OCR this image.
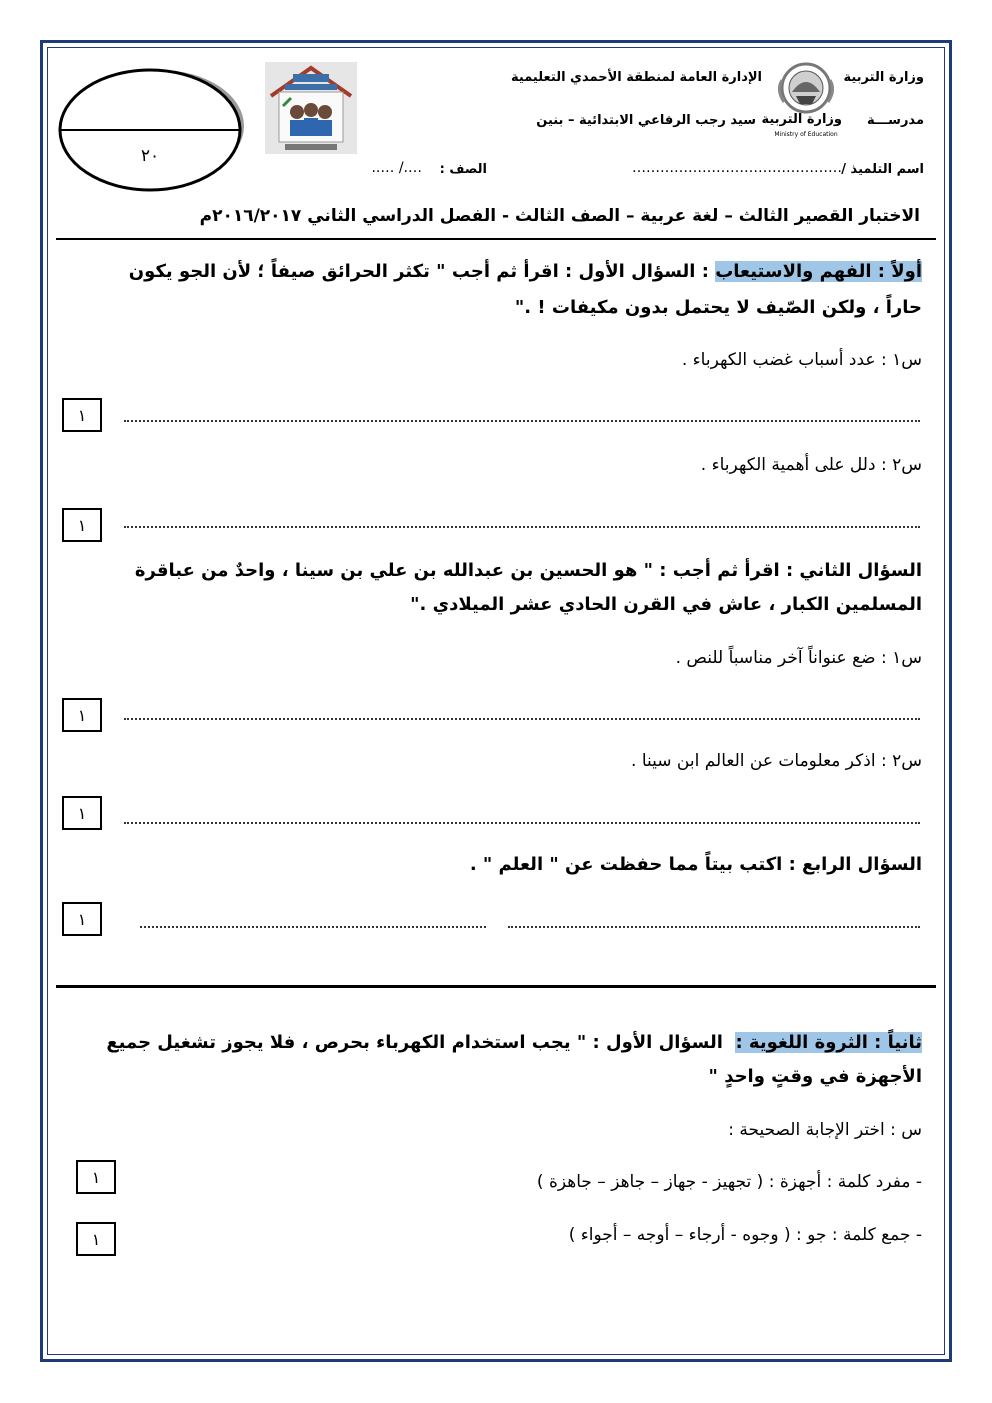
وزارة التربية
الإدارة العامة لمنطقة الأحمدي التعليمية
مدرســـة
سيد رجب الرفاعي الابتدائية – بنين وزارة التربية
Ministry of Education
٢٠
اسم التلميذ /
………………………………………
الصف :
…./ …..
الاختبار القصير الثالث – لغة عربية – الصف الثالث - الفصل الدراسي الثاني ٢٠١٦/٢٠١٧م
أولاً : الفهم والاستيعاب : السؤال الأول : اقرأ ثم أجب " تكثر الحرائق صيفاً ؛ لأن الجو يكون
حاراً ، ولكن الصّيف لا يحتمل بدون مكيفات ! ."
س١ : عدد أسباب غضب الكهرباء .
١
س٢ : دلل على أهمية الكهرباء .
١
السؤال الثاني : اقرأ ثم أجب : " هو الحسين بن عبدالله بن علي بن سينا ، واحدٌ من عباقرة
المسلمين الكبار ، عاش في القرن الحادي عشر الميلادي ."
س١ : ضع عنواناً آخر مناسباً للنص .
١
س٢ : اذكر معلومات عن العالم ابن سينا .
١
السؤال الرابع : اكتب بيتاً مما حفظت عن " العلم " .
١
ثانياً : الثروة اللغوية :  السؤال الأول : " يجب استخدام الكهرباء بحرص ، فلا يجوز تشغيل جميع
الأجهزة في وقتٍ واحدٍ "
س : اختر الإجابة الصحيحة :
- مفرد كلمة : أجهزة : ( تجهيز - جهاز – جاهز – جاهزة )
١
- جمع كلمة : جو : ( وجوه - أرجاء – أوجه – أجواء )
١
